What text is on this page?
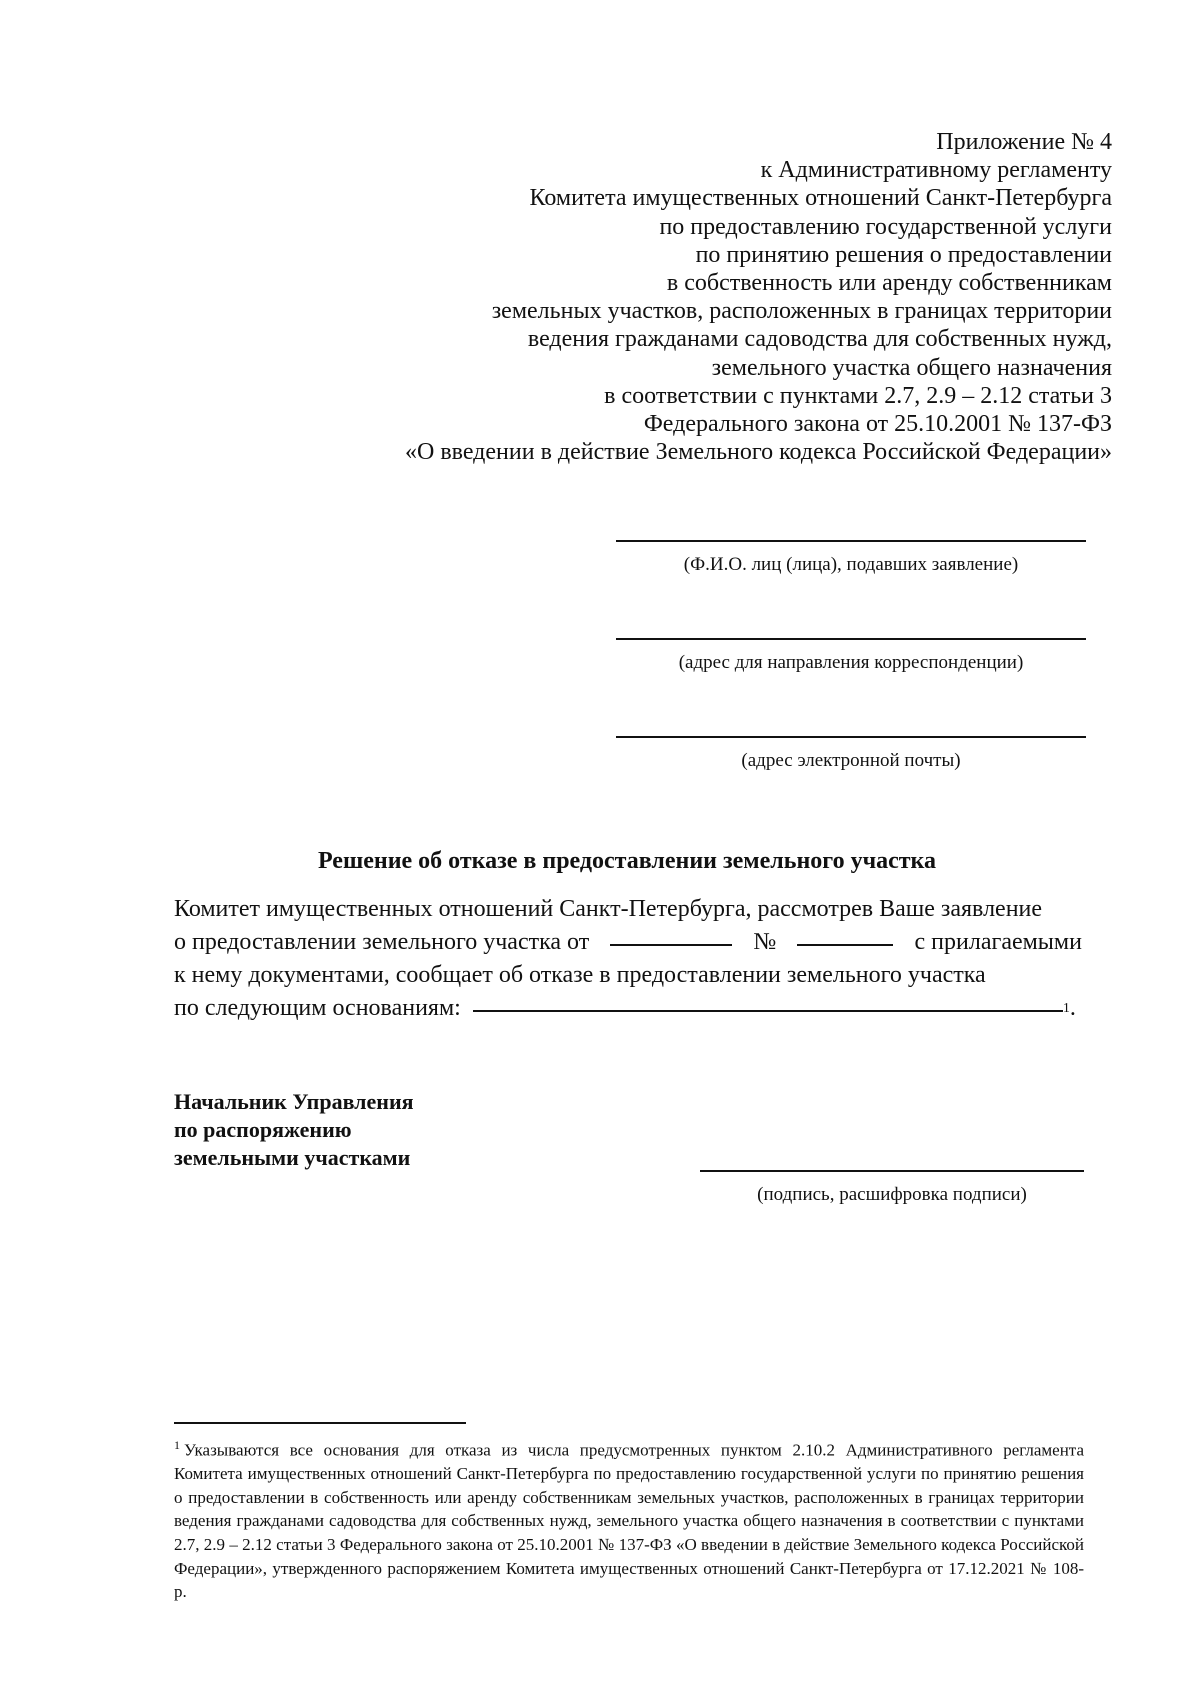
Приложение № 4
к Административному регламенту
Комитета имущественных отношений Санкт-Петербурга
по предоставлению государственной услуги
по принятию решения о предоставлении
в собственность или аренду собственникам
земельных участков, расположенных в границах территории
ведения гражданами садоводства для собственных нужд,
земельного участка общего назначения
в соответствии с пунктами 2.7, 2.9 – 2.12 статьи 3
Федерального закона от 25.10.2001 № 137-ФЗ
«О введении в действие Земельного кодекса Российской Федерации»
(Ф.И.О. лиц (лица), подавших заявление)
(адрес для направления корреспонденции)
(адрес электронной почты)
Решение об отказе в предоставлении земельного участка
Комитет имущественных отношений Санкт-Петербурга, рассмотрев Ваше заявление
о предоставлении земельного участка от	№	с прилагаемыми
к нему документами, сообщает об отказе в предоставлении земельного участка
по следующим основаниям:	1 .
Начальник Управления
по распоряжению
земельными участками
(подпись, расшифровка подписи)
$^1$ Указываются все основания для отказа из числа предусмотренных пунктом 2.10.2 Административного регламента Комитета имущественных отношений Санкт-Петербурга по предоставлению государственной услуги по принятию решения о предоставлении в собственность или аренду собственникам земельных участков, расположенных в границах территории ведения гражданами садоводства для собственных нужд, земельного участка общего назначения в соответствии с пунктами 2.7, 2.9 – 2.12 статьи 3 Федерального закона от 25.10.2001 № 137-ФЗ «О введении в действие Земельного кодекса Российской Федерации», утвержденного распоряжением Комитета имущественных отношений Санкт-Петербурга от 17.12.2021 № 108-р.
